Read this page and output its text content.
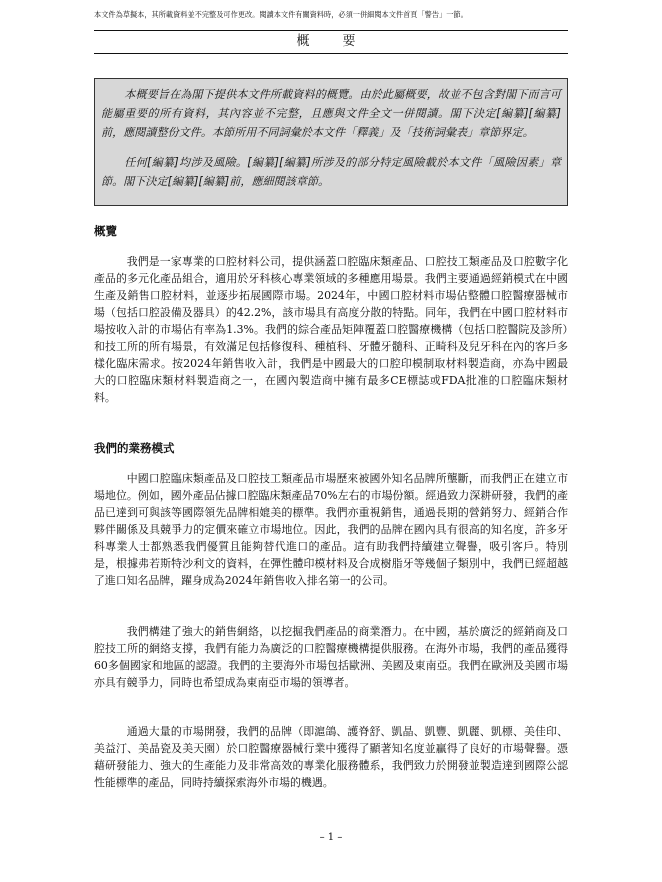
本文件為草擬本，其所載資料並不完整及可作更改。閱讀本文件有關資料時，必須一併細閱本文件首頁「警告」一節。
概　要

本概要旨在為閣下提供本文件所載資料的概覽。由於此屬概要，故並不包含對閣下而言可能屬重要的所有資料，其內容並不完整，且應與文件全文一併閱讀。閣下決定[編纂][編纂]前，應閱讀整份文件。本節所用不同詞彙於本文件「釋義」及「技術詞彙表」章節界定。

任何[編纂]均涉及風險。[編纂][編纂]所涉及的部分特定風險載於本文件「風險因素」章節。閣下決定[編纂][編纂]前，應細閱該章節。

概覽

我們是一家專業的口腔材料公司，提供涵蓋口腔臨床類產品、口腔技工類產品及口腔數字化產品的多元化產品組合，適用於牙科核心專業領域的多種應用場景。我們主要通過經銷模式在中國生產及銷售口腔材料，並逐步拓展國際市場。2024年，中國口腔材料市場佔整體口腔醫療器械市場（包括口腔設備及器具）的42.2%，該市場具有高度分散的特點。同年，我們在中國口腔材料市場按收入計的市場佔有率為1.3%。我們的綜合產品矩陣覆蓋口腔醫療機構（包括口腔醫院及診所）和技工所的所有場景，有效滿足包括修復科、種植科、牙體牙髓科、正畸科及兒牙科在內的客戶多樣化臨床需求。按2024年銷售收入計，我們是中國最大的口腔印模制取材料製造商，亦為中國最大的口腔臨床類材料製造商之一，在國內製造商中擁有最多CE標誌或FDA批准的口腔臨床類材料。

我們的業務模式

中國口腔臨床類產品及口腔技工類產品市場歷來被國外知名品牌所壟斷，而我們正在建立市場地位。例如，國外產品佔據口腔臨床類產品70%左右的市場份額。經過致力深耕研發，我們的產品已達到可與該等國際領先品牌相媲美的標準。我們亦重視銷售，通過長期的營銷努力、經銷合作夥伴關係及具競爭力的定價來確立市場地位。因此，我們的品牌在國內具有很高的知名度，許多牙科專業人士都熟悉我們優質且能夠替代進口的產品。這有助我們持續建立聲譽，吸引客戶。特別是，根據弗若斯特沙利文的資料，在彈性體印模材料及合成樹脂牙等幾個子類別中，我們已經超越了進口知名品牌，躍身成為2024年銷售收入排名第一的公司。

我們構建了強大的銷售網絡，以挖掘我們產品的商業潛力。在中國，基於廣泛的經銷商及口腔技工所的網絡支撐，我們有能力為廣泛的口腔醫療機構提供服務。在海外市場，我們的產品獲得60多個國家和地區的認證。我們的主要海外市場包括歐洲、美國及東南亞。我們在歐洲及美國市場亦具有競爭力，同時也希望成為東南亞市場的領導者。

通過大量的市場開發，我們的品牌（即滬鴿、護脊舒、凱晶、凱豐、凱麗、凱標、美佳印、美益汀、美晶瓷及美天園）於口腔醫療器械行業中獲得了顯著知名度並贏得了良好的市場聲譽。憑藉研發能力、強大的生產能力及非常高效的專業化服務體系，我們致力於開發並製造達到國際公認性能標準的產品，同時持續探索海外市場的機遇。

– 1 –
